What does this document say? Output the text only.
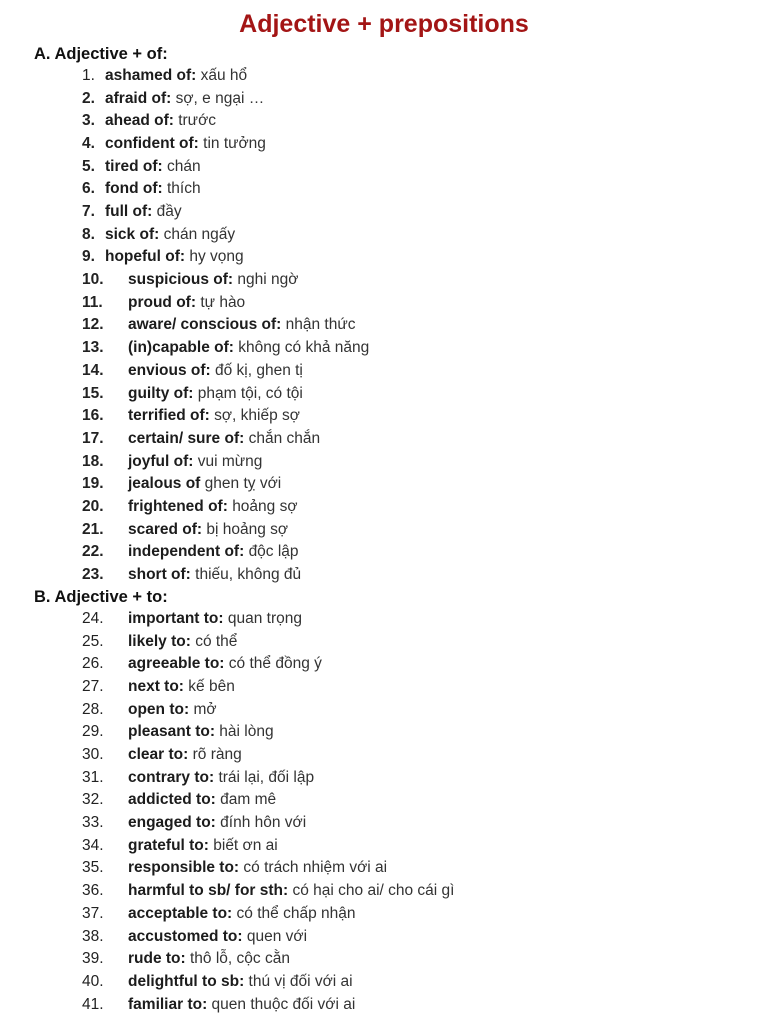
Adjective + prepositions
A. Adjective + of:
1. ashamed of: xấu hổ
2. afraid of: sợ, e ngại …
3. ahead of: trước
4. confident of: tin tưởng
5. tired of: chán
6. fond of: thích
7. full of: đầy
8. sick of: chán ngấy
9. hopeful of: hy vọng
10. suspicious of: nghi ngờ
11. proud of: tự hào
12. aware/ conscious of: nhận thức
13. (in)capable of: không có khả năng
14. envious of: đố kị, ghen tị
15. guilty of: phạm tội, có tội
16. terrified of: sợ, khiếp sợ
17. certain/ sure of: chắn chắn
18. joyful of: vui mừng
19. jealous of ghen tỵ với
20. frightened of: hoảng sợ
21. scared of: bị hoảng sợ
22. independent of: độc lập
23. short of: thiếu, không đủ
B. Adjective + to:
24. important to: quan trọng
25. likely to: có thể
26. agreeable to: có thể đồng ý
27. next to: kế bên
28. open to: mở
29. pleasant to: hài lòng
30. clear to: rõ ràng
31. contrary to: trái lại, đối lập
32. addicted to: đam mê
33. engaged to: đính hôn với
34. grateful to: biết ơn ai
35. responsible to: có trách nhiệm với ai
36. harmful to sb/ for sth: có hại cho ai/ cho cái gì
37. acceptable to: có thể chấp nhận
38. accustomed to: quen với
39. rude to: thô lỗ, cộc cằn
40. delightful to sb: thú vị đối với ai
41. familiar to: quen thuộc đối với ai
